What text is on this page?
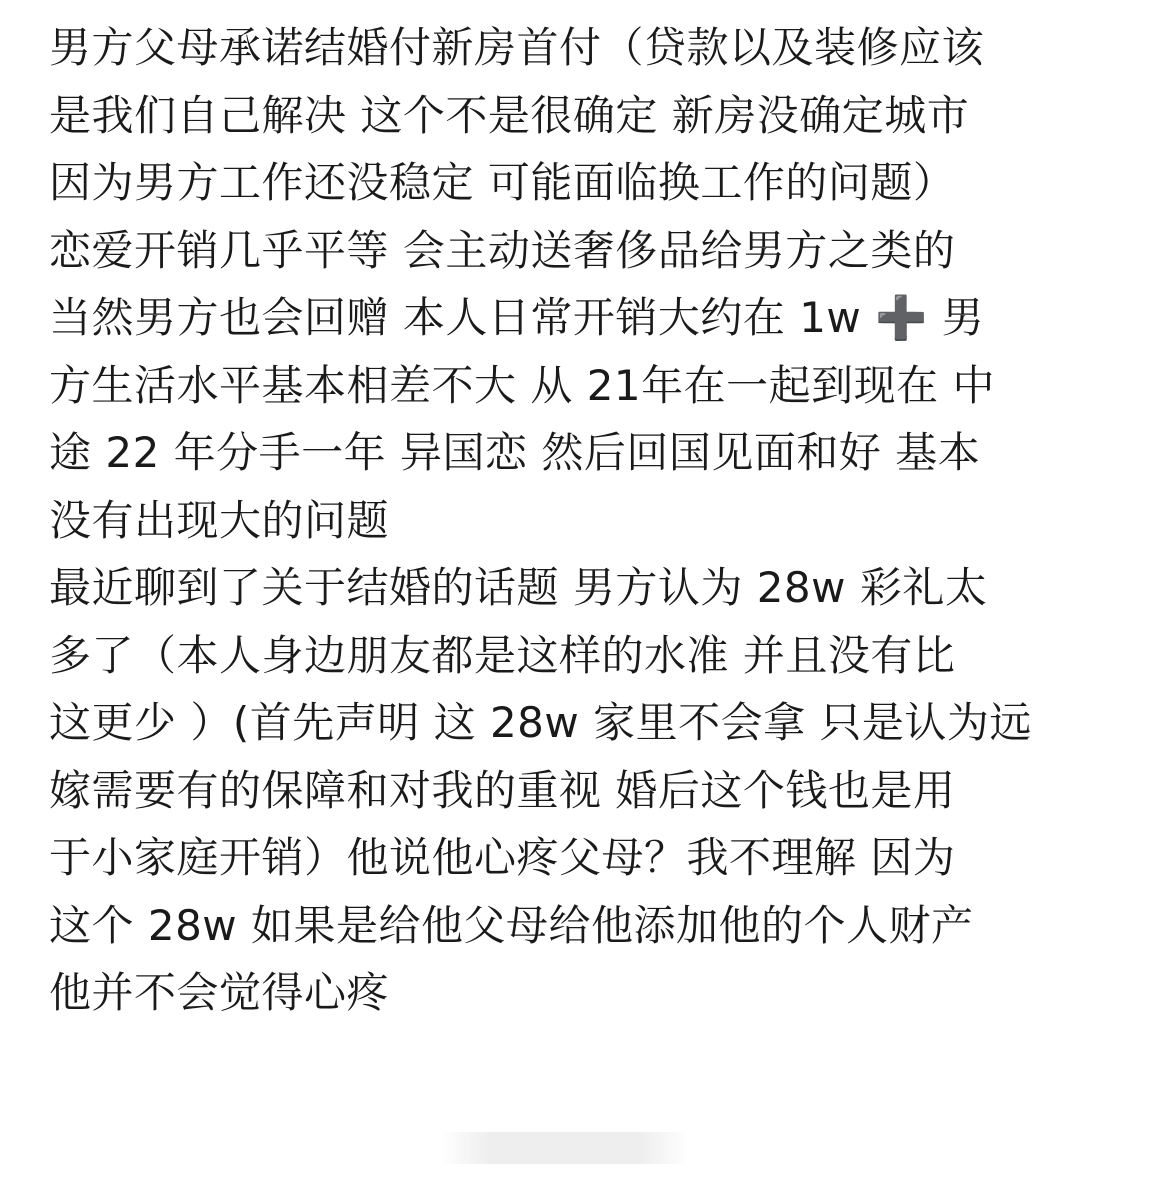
男方父母承诺结婚付新房首付（贷款以及装修应该
是我们自己解决 这个不是很确定 新房没确定城市
因为男方工作还没稳定 可能面临换工作的问题）
恋爱开销几乎平等 会主动送奢侈品给男方之类的
当然男方也会回赠 本人日常开销大约在 1w ➕ 男
方生活水平基本相差不大 从 21年在一起到现在 中
途 22 年分手一年 异国恋 然后回国见面和好 基本
没有出现大的问题
最近聊到了关于结婚的话题 男方认为 28w 彩礼太
多了（本人身边朋友都是这样的水准 并且没有比
这更少 ）(首先声明 这 28w 家里不会拿 只是认为远
嫁需要有的保障和对我的重视 婚后这个钱也是用
于小家庭开销）他说他心疼父母？我不理解 因为
这个 28w 如果是给他父母给他添加他的个人财产
他并不会觉得心疼
